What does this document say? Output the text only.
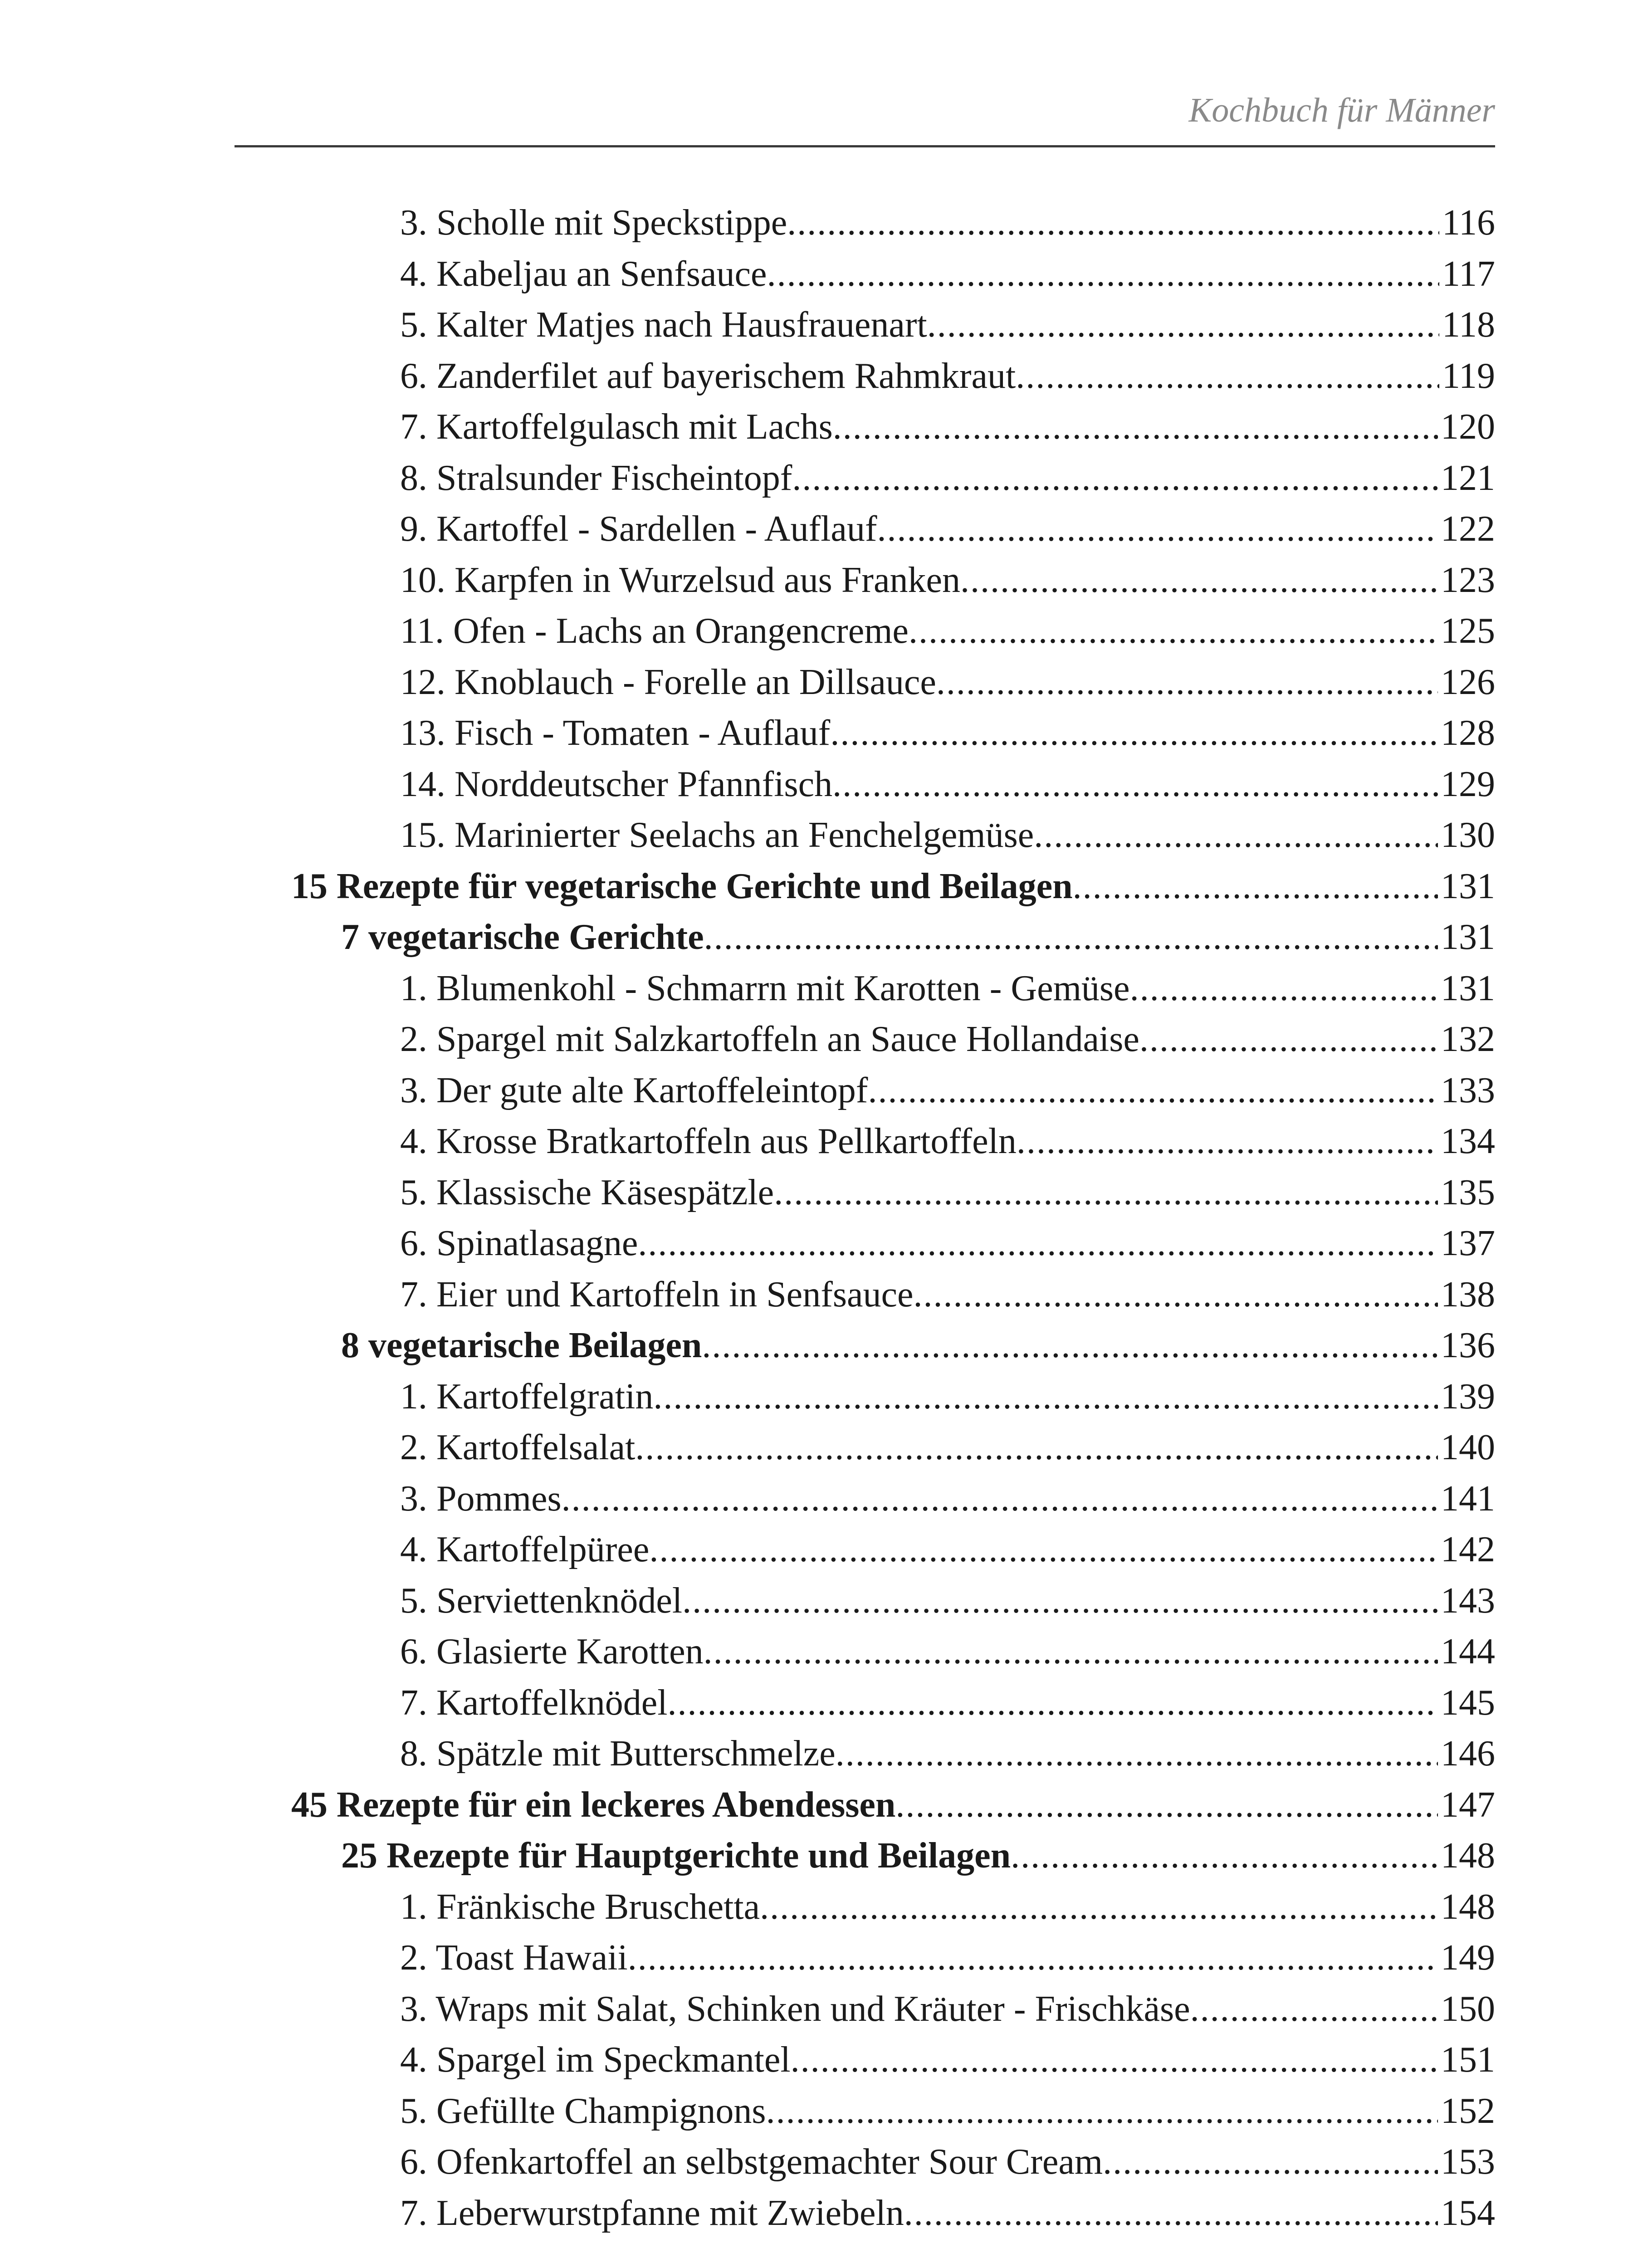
Kochbuch für Männer
3. Scholle mit Speckstippe .....	116
4. Kabeljau an Senfsauce .....	117
5. Kalter Matjes nach Hausfrauenart .....	118
6. Zanderfilet auf bayerischem Rahmkraut .....	119
7. Kartoffelgulasch mit Lachs .....	120
8. Stralsunder Fischeintopf .....	121
9. Kartoffel - Sardellen - Auflauf .....	122
10. Karpfen in Wurzelsud aus Franken .....	123
11. Ofen - Lachs an Orangencreme .....	125
12. Knoblauch - Forelle an Dillsauce .....	126
13. Fisch - Tomaten - Auflauf .....	128
14. Norddeutscher Pfannfisch .....	129
15. Marinierter Seelachs an Fenchelgemüse .....	130
15 Rezepte für vegetarische Gerichte und Beilagen .....	131
7 vegetarische Gerichte .....	131
1. Blumenkohl - Schmarrn mit Karotten - Gemüse .....	131
2. Spargel mit Salzkartoffeln an Sauce Hollandaise .....	132
3. Der gute alte Kartoffeleintopf .....	133
4. Krosse Bratkartoffeln aus Pellkartoffeln .....	134
5. Klassische Käsespätzle .....	135
6. Spinatlasagne .....	137
7. Eier und Kartoffeln in Senfsauce .....	138
8 vegetarische Beilagen .....	136
1. Kartoffelgratin .....	139
2. Kartoffelsalat .....	140
3. Pommes .....	141
4. Kartoffelpüree .....	142
5. Serviettenknödel .....	143
6. Glasierte Karotten .....	144
7. Kartoffelknödel .....	145
8. Spätzle mit Butterschmelze .....	146
45 Rezepte für ein leckeres Abendessen .....	147
25 Rezepte für Hauptgerichte und Beilagen .....	148
1. Fränkische Bruschetta .....	148
2. Toast Hawaii .....	149
3. Wraps mit Salat, Schinken und Kräuter - Frischkäse .....	150
4. Spargel im Speckmantel .....	151
5. Gefüllte Champignons .....	152
6. Ofenkartoffel an selbstgemachter Sour Cream .....	153
7. Leberwurstpfanne mit Zwiebeln .....	154
